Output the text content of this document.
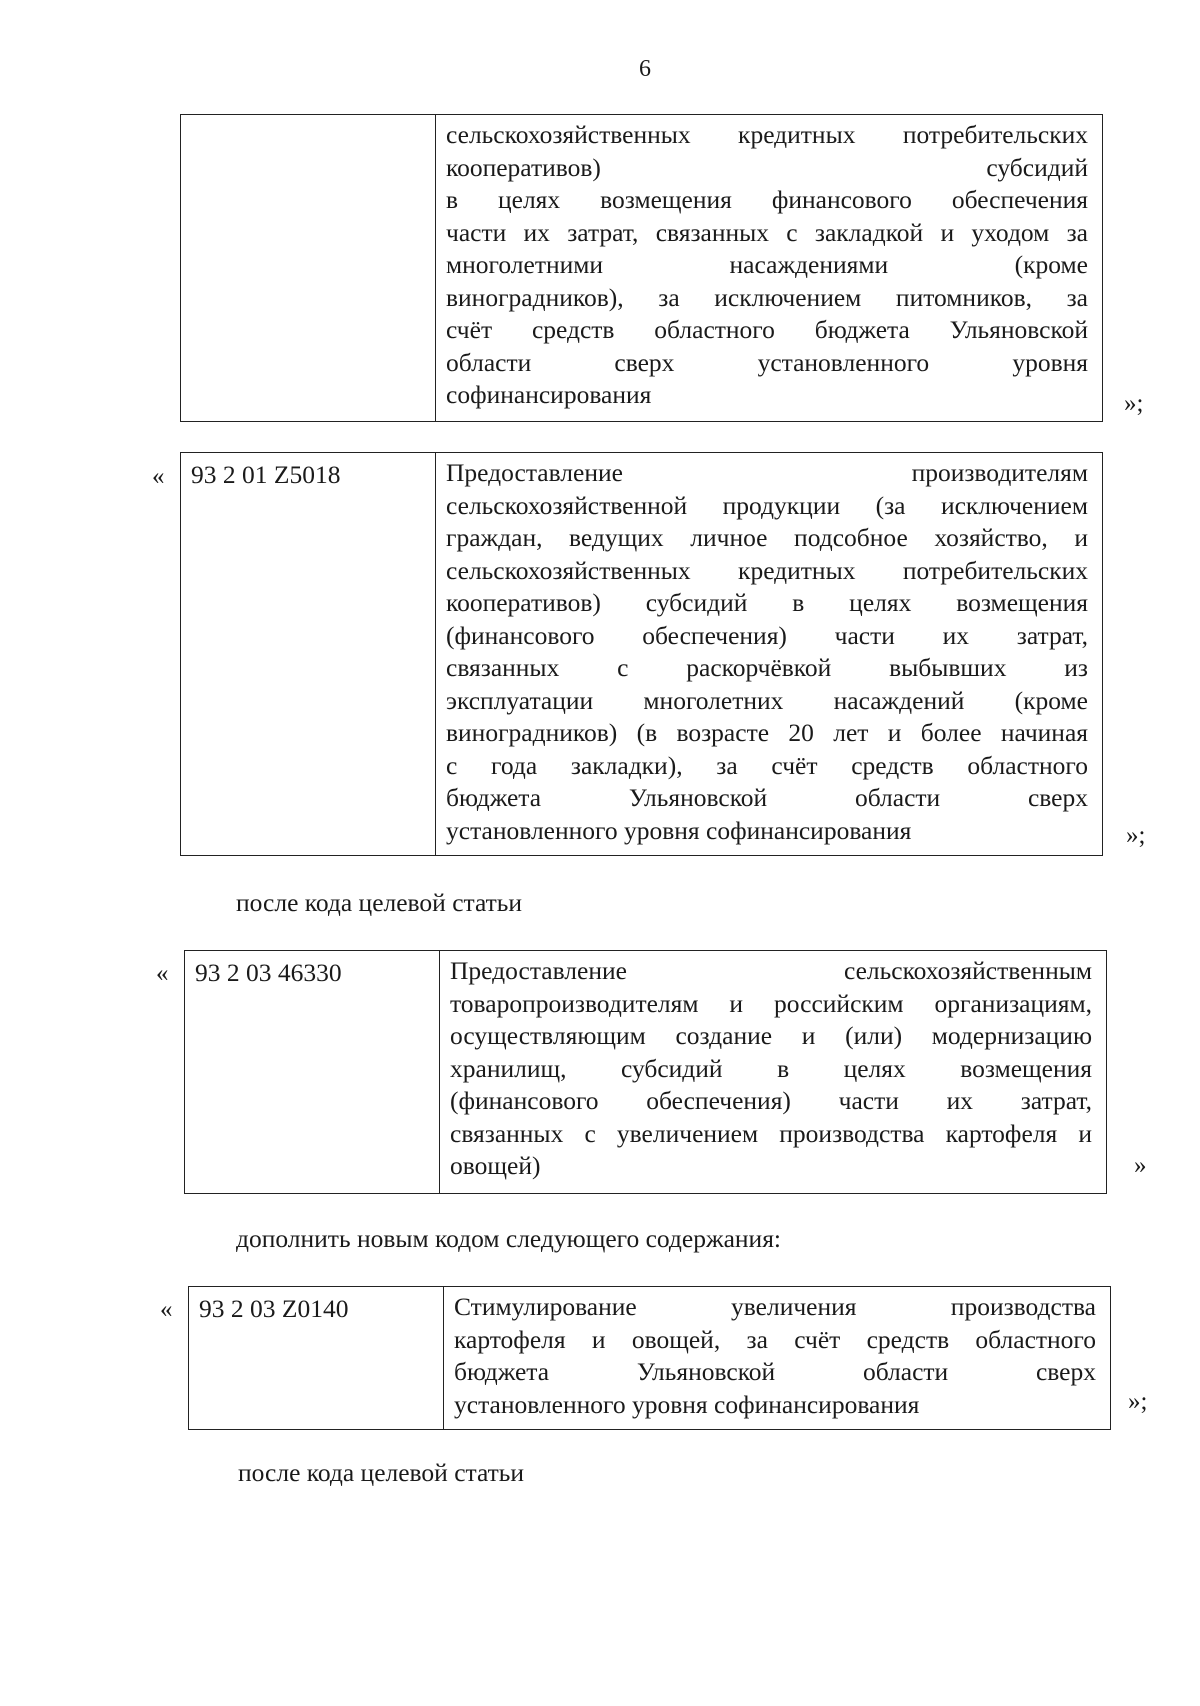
6

сельскохозяйственных кредитных потребительских
кооперативов) субсидий
в целях возмещения финансового обеспечения
части их затрат, связанных с закладкой и уходом за
многолетними насаждениями (кроме
виноградников), за исключением питомников, за
счёт средств областного бюджета Ульяновской
области сверх установленного уровня
софинансирования	»;
« 93 2 01 Z5018	Предоставление производителям
сельскохозяйственной продукции (за исключением
граждан, ведущих личное подсобное хозяйство, и
сельскохозяйственных кредитных потребительских
кооперативов) субсидий в целях возмещения
(финансового обеспечения) части их затрат,
связанных с раскорчёвкой выбывших из
эксплуатации многолетних насаждений (кроме
виноградников) (в возрасте 20 лет и более начиная
с года закладки), за счёт средств областного
бюджета Ульяновской области сверх
установленного уровня софинансирования	»;
после кода целевой статьи
« 93 2 03 46330	Предоставление сельскохозяйственным
товаропроизводителям и российским организациям,
осуществляющим создание и (или) модернизацию
хранилищ, субсидий в целях возмещения
(финансового обеспечения) части их затрат,
связанных с увеличением производства картофеля и
овощей)	»
дополнить новым кодом следующего содержания:
« 93 2 03 Z0140	Стимулирование увеличения производства
картофеля и овощей, за счёт средств областного
бюджета Ульяновской области сверх
установленного уровня софинансирования	»;
после кода целевой статьи
